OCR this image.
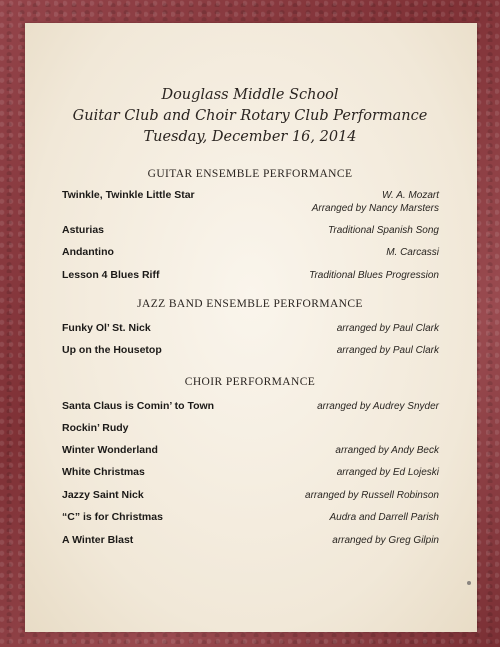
Douglass Middle School
Guitar Club and Choir Rotary Club Performance
Tuesday, December 16, 2014
GUITAR ENSEMBLE PERFORMANCE
Twinkle, Twinkle Little Star	W. A. Mozart
Arranged by Nancy Marsters
Asturias	Traditional Spanish Song
Andantino	M. Carcassi
Lesson 4 Blues Riff	Traditional Blues Progression
JAZZ BAND ENSEMBLE PERFORMANCE
Funky Ol’ St. Nick	arranged by Paul Clark
Up on the Housetop	arranged by Paul Clark
CHOIR PERFORMANCE
Santa Claus is Comin’ to Town	arranged by Audrey Snyder
Rockin’ Rudy
Winter Wonderland	arranged by Andy Beck
White Christmas	arranged by Ed Lojeski
Jazzy Saint Nick	arranged by Russell Robinson
“C” is for Christmas	Audra and Darrell Parish
A Winter Blast	arranged by Greg Gilpin
